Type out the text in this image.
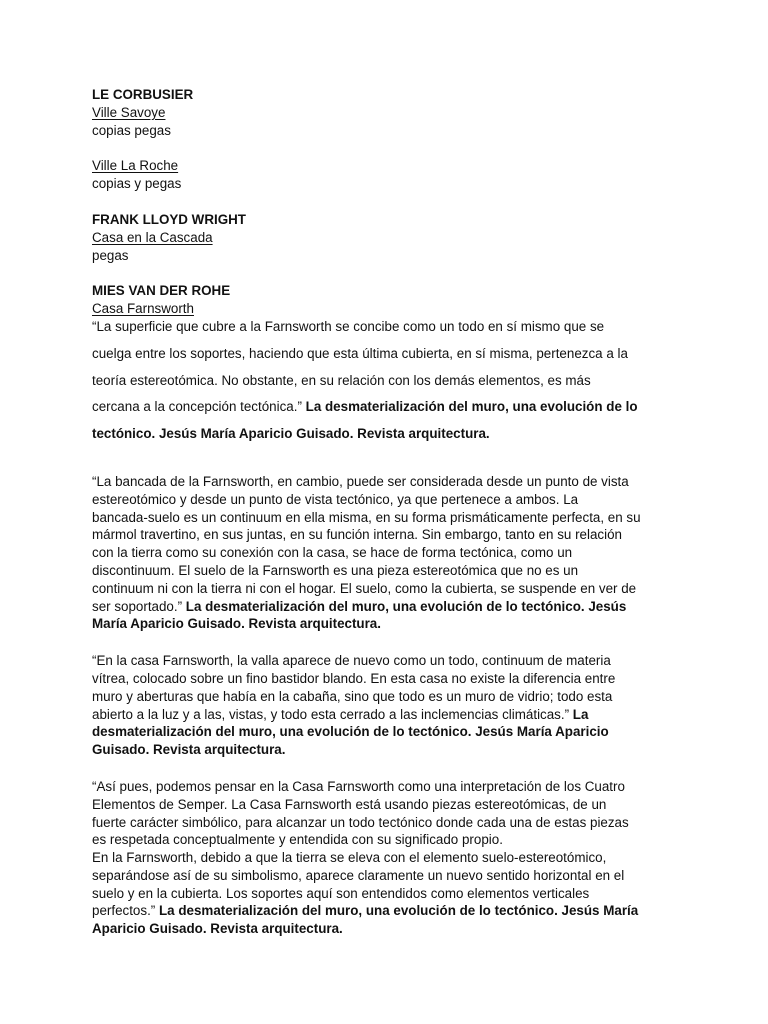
LE CORBUSIER
Ville Savoye
copias pegas
Ville La Roche
copias y pegas
FRANK LLOYD WRIGHT
Casa en la Cascada
pegas
MIES VAN DER ROHE
Casa Farnsworth
“La superficie que cubre a la Farnsworth se concibe como un todo en sí mismo que se
cuelga entre los soportes, haciendo que esta última cubierta, en sí misma, pertenezca a la
teoría estereotómica. No obstante, en su relación con los demás elementos, es más
cercana a la concepción tectónica.” La desmaterialización del muro, una evolución de lo
tectónico. Jesús María Aparicio Guisado. Revista arquitectura.
“La bancada de la Farnsworth, en cambio, puede ser considerada desde un punto de vista
estereotómico y desde un punto de vista tectónico, ya que pertenece a ambos. La
bancada-suelo es un continuum en ella misma, en su forma prismáticamente perfecta, en su
mármol travertino, en sus juntas, en su función interna. Sin embargo, tanto en su relación
con la tierra como su conexión con la casa, se hace de forma tectónica, como un
discontinuum. El suelo de la Farnsworth es una pieza estereotómica que no es un
continuum ni con la tierra ni con el hogar. El suelo, como la cubierta, se suspende en ver de
ser soportado.” La desmaterialización del muro, una evolución de lo tectónico. Jesús
María Aparicio Guisado. Revista arquitectura.
“En la casa Farnsworth, la valla aparece de nuevo como un todo, continuum de materia
vítrea, colocado sobre un fino bastidor blando. En esta casa no existe la diferencia entre
muro y aberturas que había en la cabaña, sino que todo es un muro de vidrio; todo esta
abierto a la luz y a las, vistas, y todo esta cerrado a las inclemencias climáticas.” La
desmaterialización del muro, una evolución de lo tectónico. Jesús María Aparicio
Guisado. Revista arquitectura.
“Así pues, podemos pensar en la Casa Farnsworth como una interpretación de los Cuatro
Elementos de Semper. La Casa Farnsworth está usando piezas estereotómicas, de un
fuerte carácter simbólico, para alcanzar un todo tectónico donde cada una de estas piezas
es respetada conceptualmente y entendida con su significado propio.
En la Farnsworth, debido a que la tierra se eleva con el elemento suelo-estereotómico,
separándose así de su simbolismo, aparece claramente un nuevo sentido horizontal en el
suelo y en la cubierta. Los soportes aquí son entendidos como elementos verticales
perfectos.” La desmaterialización del muro, una evolución de lo tectónico. Jesús María
Aparicio Guisado. Revista arquitectura.
